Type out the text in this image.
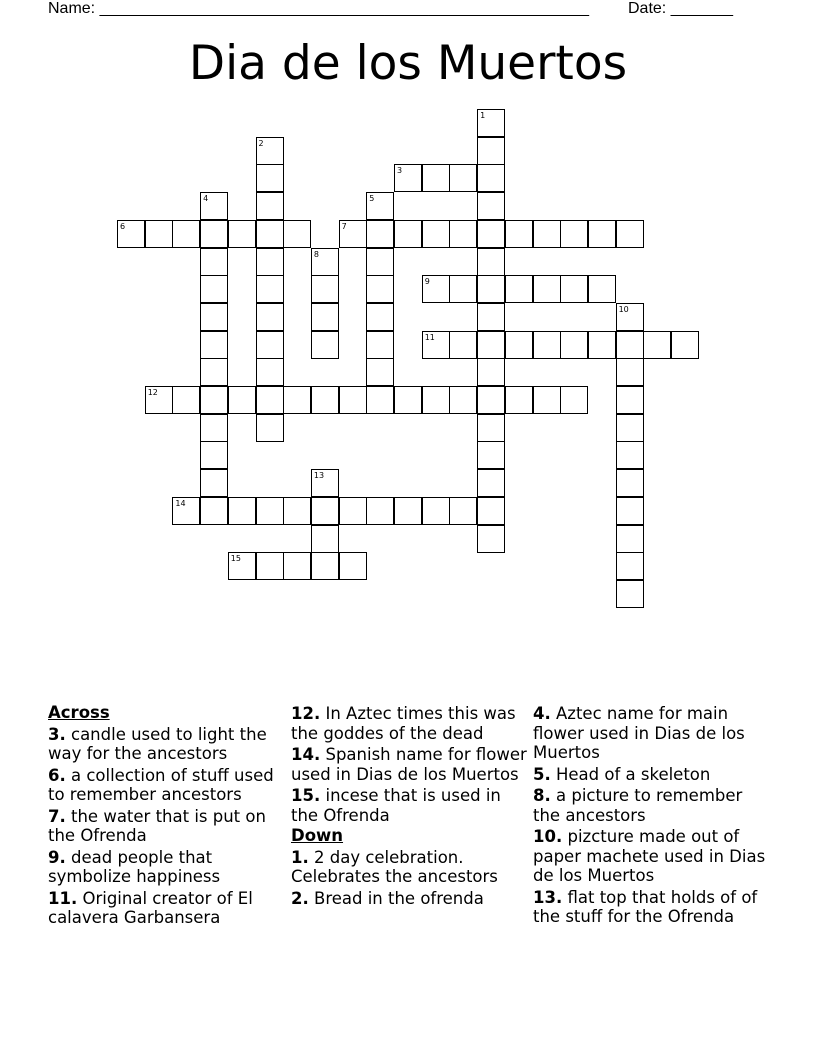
Name: _______________________________________________________ Date: _______
Dia de los Muertos
1
2
3
4	5
6	7
8
9
10
11
12
13
14
15
Across
3. candle used to light the way for the ancestors
6. a collection of stuff used to remember ancestors
7. the water that is put on the Ofrenda
9. dead people that symbolize happiness
11. Original creator of El calavera Garbansera
12. In Aztec times this was the goddes of the dead
14. Spanish name for flower used in Dias de los Muertos
15. incese that is used in the Ofrenda
Down
1. 2 day celebration. Celebrates the ancestors
2. Bread in the ofrenda
4. Aztec name for main flower used in Dias de los Muertos
5. Head of a skeleton
8. a picture to remember the ancestors
10. pizcture made out of paper machete used in Dias de los Muertos
13. flat top that holds of of the stuff for the Ofrenda
